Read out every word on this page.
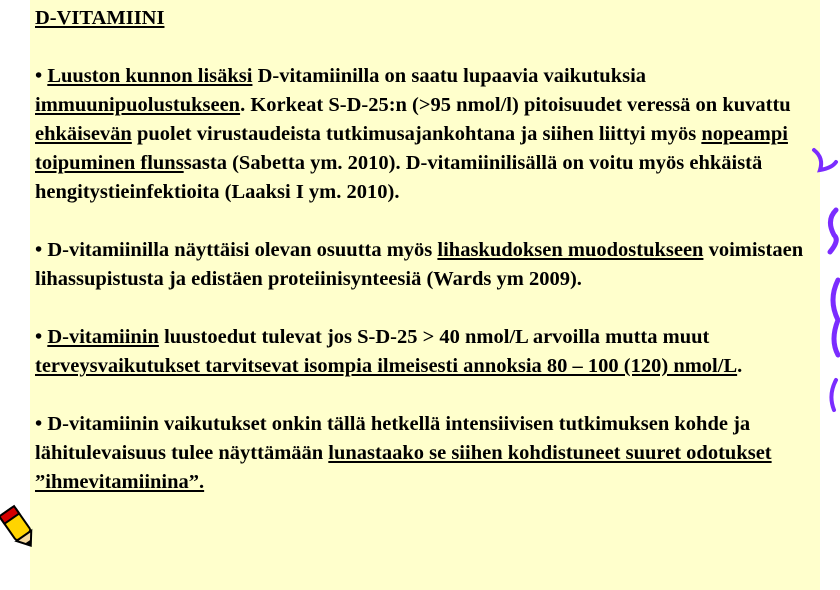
D-VITAMIINI
• Luuston kunnon lisäksi D-vitamiinilla on saatu lupaavia vaikutuksia immuunipuolustukseen. Korkeat S-D-25:n (>95 nmol/l) pitoisuudet veressä on kuvattu ehkäisevän puolet virustaudeista tutkimusajankohtana ja siihen liittyi myös nopeampi toipuminen flunssasta (Sabetta ym. 2010). D-vitamiinilisällä on voitu myös ehkäistä hengitystieinfektioita (Laaksi I ym. 2010).
• D-vitamiinilla näyttäisi olevan osuutta myös lihaskudoksen muodostukseen voimistaen lihassupistusta ja edistäen proteiinisynteesiä (Wards ym 2009).
• D-vitamiinin luustoedut tulevat jos S-D-25 > 40 nmol/L arvoilla mutta muut terveysvaikutukset tarvitsevat isompia ilmeisesti annoksia 80 – 100 (120) nmol/L.
• D-vitamiinin vaikutukset onkin tällä hetkellä intensiivisen tutkimuksen kohde ja lähitulevaisuus tulee näyttämään lunastaako se siihen kohdistuneet suuret odotukset ”ihmevitamiinina”.
